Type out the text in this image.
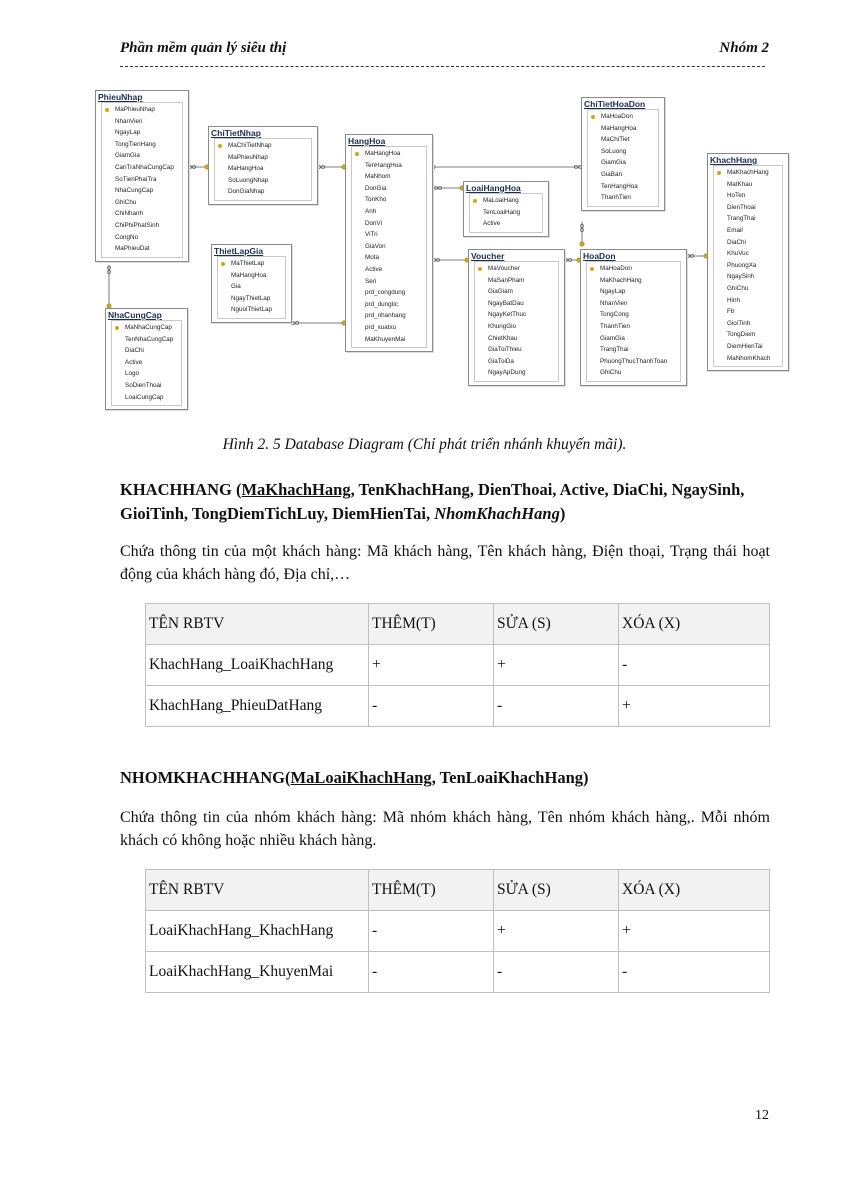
Phần mềm quản lý siêu thị	Nhóm 2
PhieuNhap
MaPhieuNhap
NhanVien
NgayLap
TongTienHang
GiamGia
CanTraNhaCungCap
SoTienPhaiTra
NhaCungCap
GhiChu
ChiNhanh
ChiPhiPhatSinh
CongNo
MaPhieuDat
ChiTietNhap
MaChiTietNhap
MaPhieuNhap
MaHangHoa
SoLuongNhap
DonGiaNhap
ThietLapGia
MaThietLap
MaHangHoa
Gia
NgayThietLap
NguoiThietLap
NhaCungCap
MaNhaCungCap
TenNhaCungCap
DiaChi
Active
Logo
SoDienThoai
LoaiCungCap
HangHoa
MaHangHoa
TenHangHoa
MaNhom
DonGia
TonKho
Anh
DonVi
ViTri
GiaVon
Mota
Active
Seri
prd_congdung
prd_dungtic
prd_nhanhang
prd_xuatxu
MaKhuyenMai
LoaiHangHoa
MaLoaiHang
TenLoaiHang
Active
Voucher
MaVoucher
MaSanPham
GiaGiam
NgayBatDau
NgayKetThuc
KhungGio
ChietKhau
GiaToiThieu
GiaToiDa
NgayApDung
ChiTietHoaDon
MaHoaDon
MaHangHoa
MaChiTiet
SoLuong
GiamGia
GiaBan
TenHangHoa
ThanhTien
HoaDon
MaHoaDon
MaKhachHang
NgayLap
NhanVien
TongCong
ThanhTien
GiamGia
TrangThai
PhuongThucThanhToan
GhiChu
KhachHang
MaKhachHang
MatKhau
HoTen
DienThoai
TrangThai
Email
DiaChi
KhuVuc
PhuongXa
NgaySinh
GhiChu
Hinh
Fb
GioiTinh
TongDiem
DiemHienTai
MaNhomKhach
Hình 2. 5 Database Diagram (Chỉ phát triển nhánh khuyến mãi).
KHACHHANG (MaKhachHang, TenKhachHang, DienThoai, Active, DiaChi, NgaySinh, GioiTinh, TongDiemTichLuy, DiemHienTai, NhomKhachHang)
Chứa thông tin của một khách hàng: Mã khách hàng, Tên khách hàng, Điện thoại, Trạng thái hoạt động của khách hàng đó, Địa chỉ,…
TÊN RBTV	THÊM(T)	SỬA (S)	XÓA (X)
KhachHang_LoaiKhachHang	+	+	-
KhachHang_PhieuDatHang	-	-	+
NHOMKHACHHANG(MaLoaiKhachHang, TenLoaiKhachHang)
Chứa thông tin của nhóm khách hàng: Mã nhóm khách hàng, Tên nhóm khách hàng,. Mỗi nhóm khách có không hoặc nhiều khách hàng.
TÊN RBTV	THÊM(T)	SỬA (S)	XÓA (X)
LoaiKhachHang_KhachHang	-	+	+
LoaiKhachHang_KhuyenMai	-	-	-
12
